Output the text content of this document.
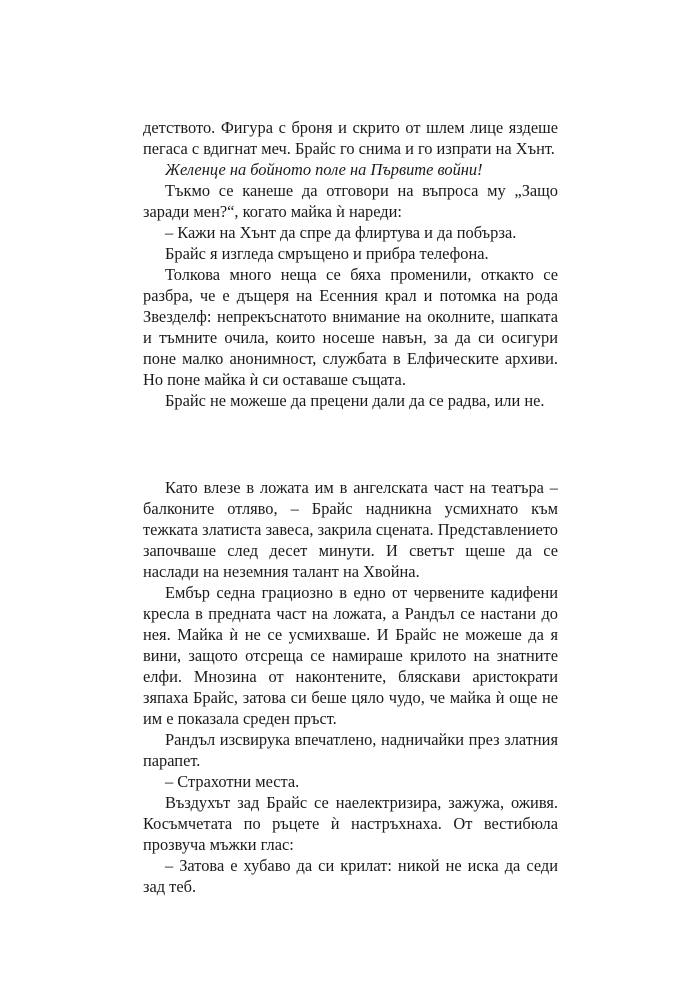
детството. Фигура с броня и скрито от шлем лице яздеше пегаса с вдигнат меч. Брайс го снима и го изпрати на Хънт.

Желенце на бойното поле на Първите войни!

Тъкмо се канеше да отговори на въпроса му „Защо заради мен?“, когато майка ѝ нареди:

– Кажи на Хънт да спре да флиртува и да побърза.

Брайс я изгледа смръщено и прибра телефона.

Толкова много неща се бяха променили, откакто се разбра, че е дъщеря на Есенния крал и потомка на рода Звезделф: непрекъснатото внимание на околните, шапката и тъмните очила, които носеше навън, за да си осигури поне малко анонимност, службата в Елфическите архиви. Но поне майка ѝ си оставаше същата.

Брайс не можеше да прецени дали да се радва, или не.

Като влезе в ложата им в ангелската част на театъра – балконите отляво, – Брайс надникна усмихнато към тежката златиста завеса, закрила сцената. Представлението започваше след десет минути. И светът щеше да се наслади на неземния талант на Хвойна.

Ембър седна грациозно в едно от червените кадифени кресла в предната част на ложата, а Рандъл се настани до нея. Майка ѝ не се усмихваше. И Брайс не можеше да я вини, защото отсреща се намираше крилото на знатните елфи. Мнозина от наконтените, бляскави аристократи зяпаха Брайс, затова си беше цяло чудо, че майка ѝ още не им е показала среден пръст.

Рандъл изсвирука впечатлено, надничайки през златния парапет.

– Страхотни места.

Въздухът зад Брайс се наелектризира, зажужа, оживя. Косъмчетата по ръцете ѝ настръхнаха. От вестибюла прозвуча мъжки глас:

– Затова е хубаво да си крилат: никой не иска да седи зад теб.
